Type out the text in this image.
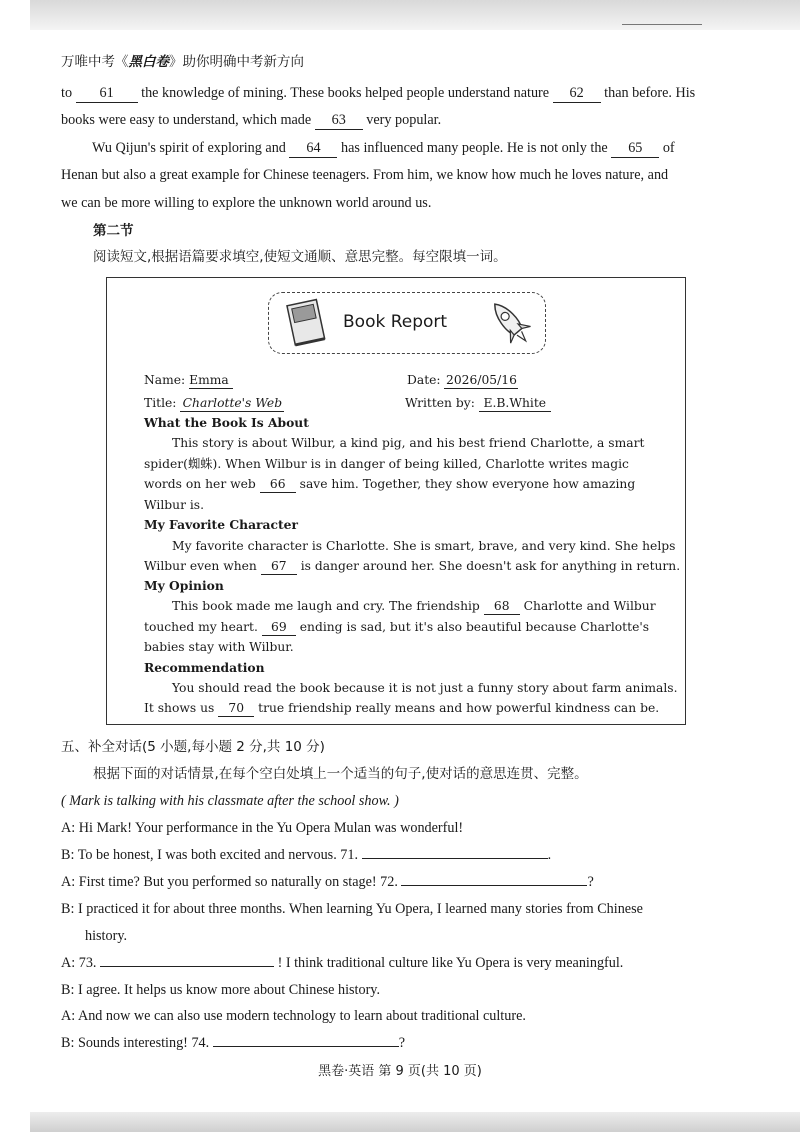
万唯中考《黑白卷》助你明确中考新方向
to 61 the knowledge of mining. These books helped people understand nature 62 than before. His
books were easy to understand, which made 63 very popular.
Wu Qijun's spirit of exploring and 64 has influenced many people. He is not only the 65 of
Henan but also a great example for Chinese teenagers. From him, we know how much he loves nature, and
we can be more willing to explore the unknown world around us.
第二节
阅读短文,根据语篇要求填空,使短文通顺、意思完整。每空限填一词。
Book Report
Name: Emma	Date: 2026/05/16
Title: Charlotte's Web	Written by: E.B.White
What the Book Is About
This story is about Wilbur, a kind pig, and his best friend Charlotte, a smart
spider(蜘蛛). When Wilbur is in danger of being killed, Charlotte writes magic
words on her web 66 save him. Together, they show everyone how amazing
Wilbur is.
My Favorite Character
My favorite character is Charlotte. She is smart, brave, and very kind. She helps
Wilbur even when 67 is danger around her. She doesn't ask for anything in return.
My Opinion
This book made me laugh and cry. The friendship 68 Charlotte and Wilbur
touched my heart. 69 ending is sad, but it's also beautiful because Charlotte's
babies stay with Wilbur.
Recommendation
You should read the book because it is not just a funny story about farm animals.
It shows us 70 true friendship really means and how powerful kindness can be.
五、补全对话(5 小题,每小题 2 分,共 10 分)
根据下面的对话情景,在每个空白处填上一个适当的句子,使对话的意思连贯、完整。
( Mark is talking with his classmate after the school show. )
A: Hi Mark! Your performance in the Yu Opera Mulan was wonderful!
B: To be honest, I was both excited and nervous. 71.	.
A: First time? But you performed so naturally on stage! 72.	?
B: I practiced it for about three months. When learning Yu Opera, I learned many stories from Chinese
history.
A: 73.	! I think traditional culture like Yu Opera is very meaningful.
B: I agree. It helps us know more about Chinese history.
A: And now we can also use modern technology to learn about traditional culture.
B: Sounds interesting! 74.	?
黑卷·英语 第 9 页(共 10 页)
